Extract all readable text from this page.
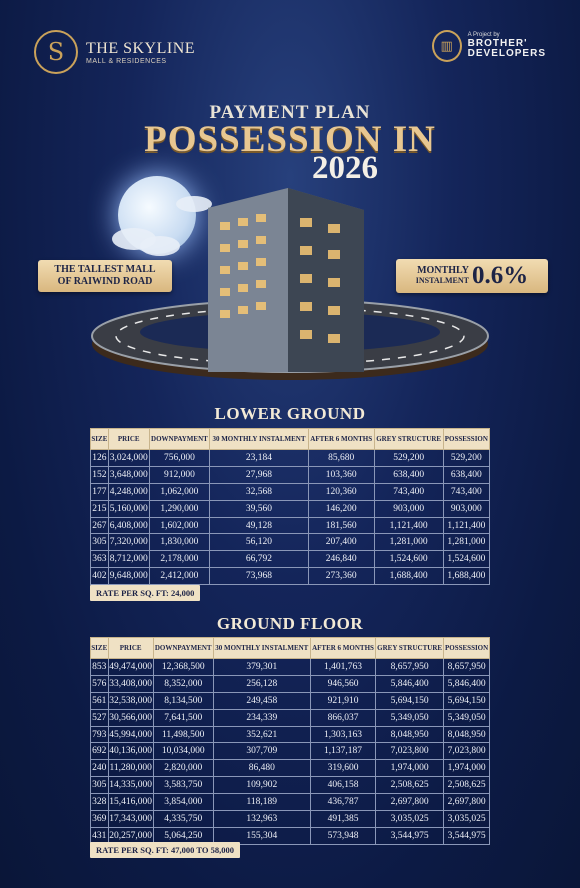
S	THE SKYLINE
MALL & RESIDENCES
▥
A Project by
BROTHER'
DEVELOPERS
PAYMENT PLAN
POSSESSION IN
2026
THE TALLEST MALL
OF RAIWIND ROAD
MONTHLY
INSTALMENT 0.6%
LOWER GROUND
SIZE	PRICE	DOWNPAYMENT	30 MONTHLY INSTALMENT	AFTER 6 MONTHS	GREY STRUCTURE	POSSESSION
126	3,024,000	756,000	23,184	85,680	529,200	529,200
152	3,648,000	912,000	27,968	103,360	638,400	638,400
177	4,248,000	1,062,000	32,568	120,360	743,400	743,400
215	5,160,000	1,290,000	39,560	146,200	903,000	903,000
267	6,408,000	1,602,000	49,128	181,560	1,121,400	1,121,400
305	7,320,000	1,830,000	56,120	207,400	1,281,000	1,281,000
363	8,712,000	2,178,000	66,792	246,840	1,524,600	1,524,600
402	9,648,000	2,412,000	73,968	273,360	1,688,400	1,688,400
RATE PER SQ. FT: 24,000
GROUND FLOOR
SIZE	PRICE	DOWNPAYMENT	30 MONTHLY INSTALMENT	AFTER 6 MONTHS	GREY STRUCTURE	POSSESSION
853	49,474,000	12,368,500	379,301	1,401,763	8,657,950	8,657,950
576	33,408,000	8,352,000	256,128	946,560	5,846,400	5,846,400
561	32,538,000	8,134,500	249,458	921,910	5,694,150	5,694,150
527	30,566,000	7,641,500	234,339	866,037	5,349,050	5,349,050
793	45,994,000	11,498,500	352,621	1,303,163	8,048,950	8,048,950
692	40,136,000	10,034,000	307,709	1,137,187	7,023,800	7,023,800
240	11,280,000	2,820,000	86,480	319,600	1,974,000	1,974,000
305	14,335,000	3,583,750	109,902	406,158	2,508,625	2,508,625
328	15,416,000	3,854,000	118,189	436,787	2,697,800	2,697,800
369	17,343,000	4,335,750	132,963	491,385	3,035,025	3,035,025
431	20,257,000	5,064,250	155,304	573,948	3,544,975	3,544,975
RATE PER SQ. FT: 47,000 TO 58,000
